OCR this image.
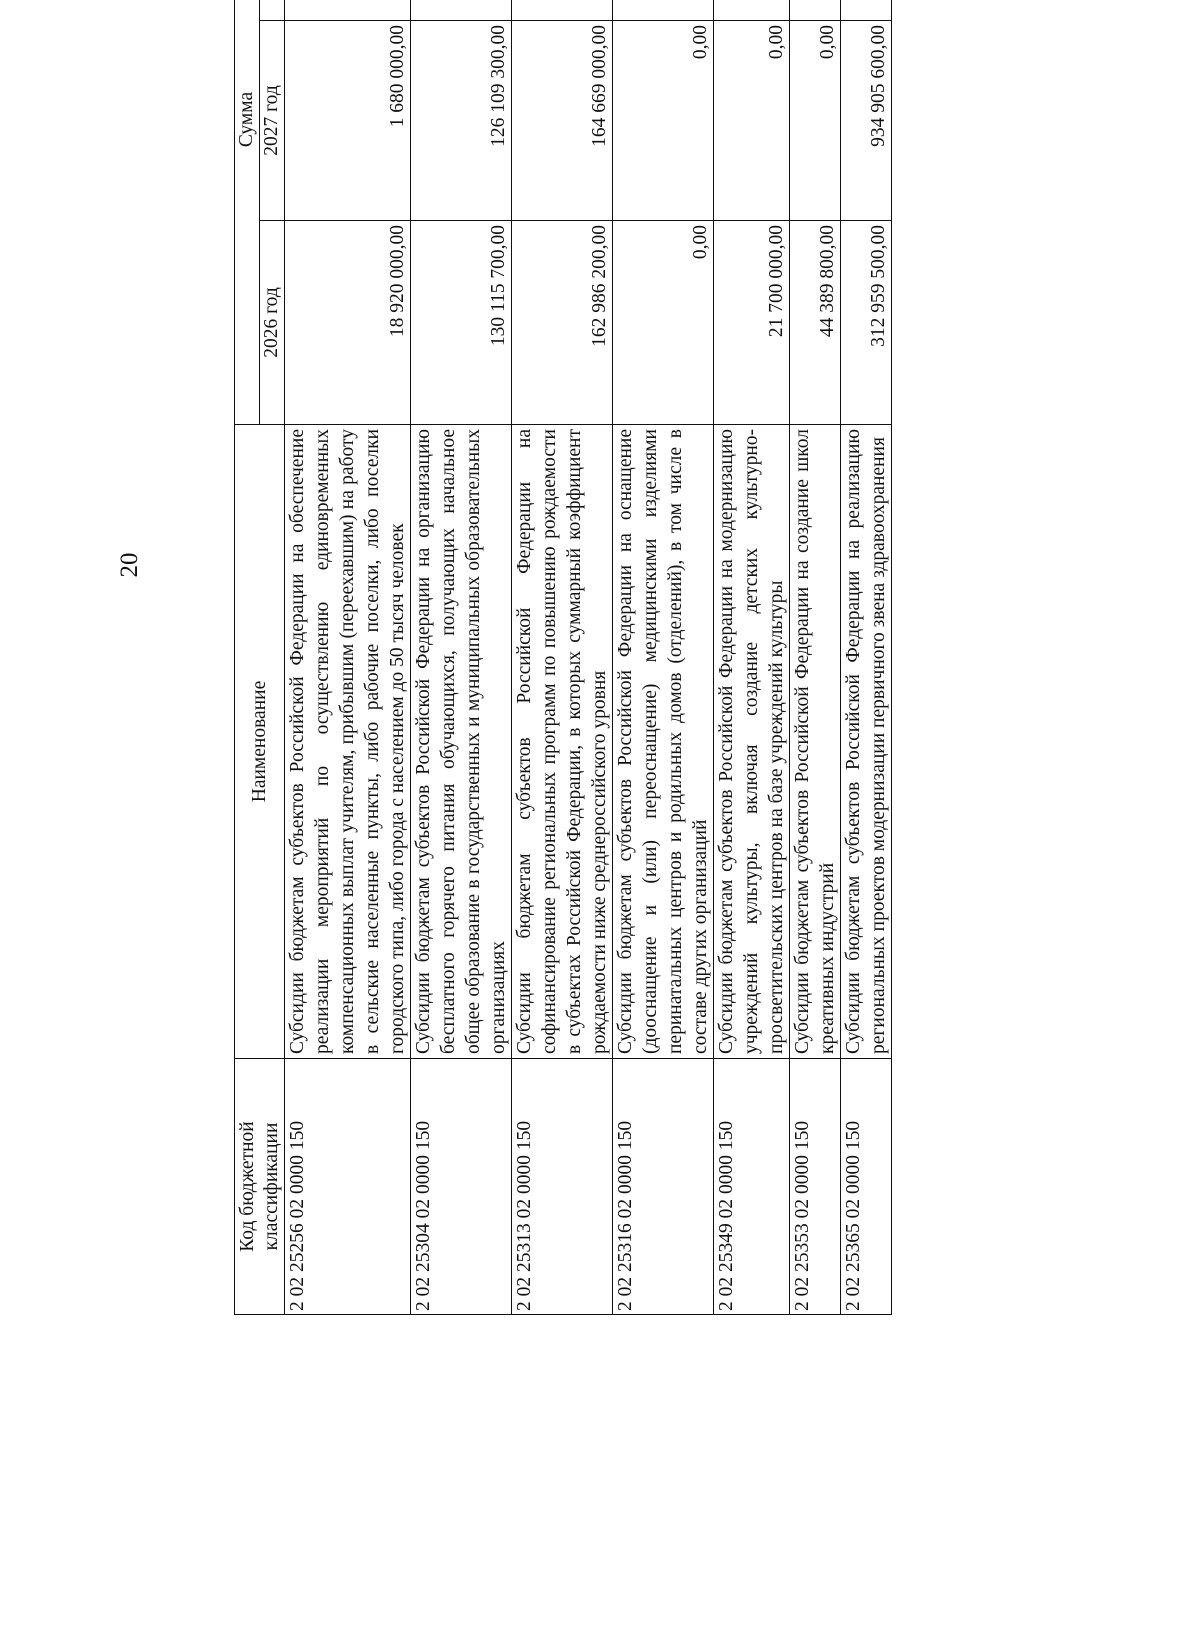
20
Код бюджетной классификации	Наименование	Сумма		
		2026 год	2027 год	
2 02 25256 02 0000 150	Субсидии бюджетам субъектов Российской Федерации на обеспечение реализации мероприятий по осуществлению единовременных компенсационных выплат учителям, прибывшим (переехавшим) на работу в сельские населенные пункты, либо рабочие поселки, либо поселки городского типа, либо города с населением до 50 тысяч человек	18 920 000,00	1 680 000,00	
2 02 25304 02 0000 150	Субсидии бюджетам субъектов Российской Федерации на организацию бесплатного горячего питания обучающихся, получающих начальное общее образование в государственных и муниципальных образовательных организациях	130 115 700,00	126 109 300,00	
2 02 25313 02 0000 150	Субсидии бюджетам субъектов Российской Федерации на софинансирование региональных программ по повышению рождаемости в субъектах Российской Федерации, в которых суммарный коэффициент рождаемости ниже среднероссийского уровня	162 986 200,00	164 669 000,00	
2 02 25316 02 0000 150	Субсидии бюджетам субъектов Российской Федерации на оснащение (дооснащение и (или) переоснащение) медицинскими изделиями перинатальных центров и родильных домов (отделений), в том числе в составе других организаций	0,00	0,00	
2 02 25349 02 0000 150	Субсидии бюджетам субъектов Российской Федерации на модернизацию учреждений культуры, включая создание детских культурно-просветительских центров на базе учреждений культуры	21 700 000,00	0,00	
2 02 25353 02 0000 150	Субсидии бюджетам субъектов Российской Федерации на создание школ креативных индустрий	44 389 800,00	0,00	
2 02 25365 02 0000 150	Субсидии бюджетам субъектов Российской Федерации на реализацию региональных проектов модернизации первичного звена здравоохранения	312 959 500,00	934 905 600,00	
